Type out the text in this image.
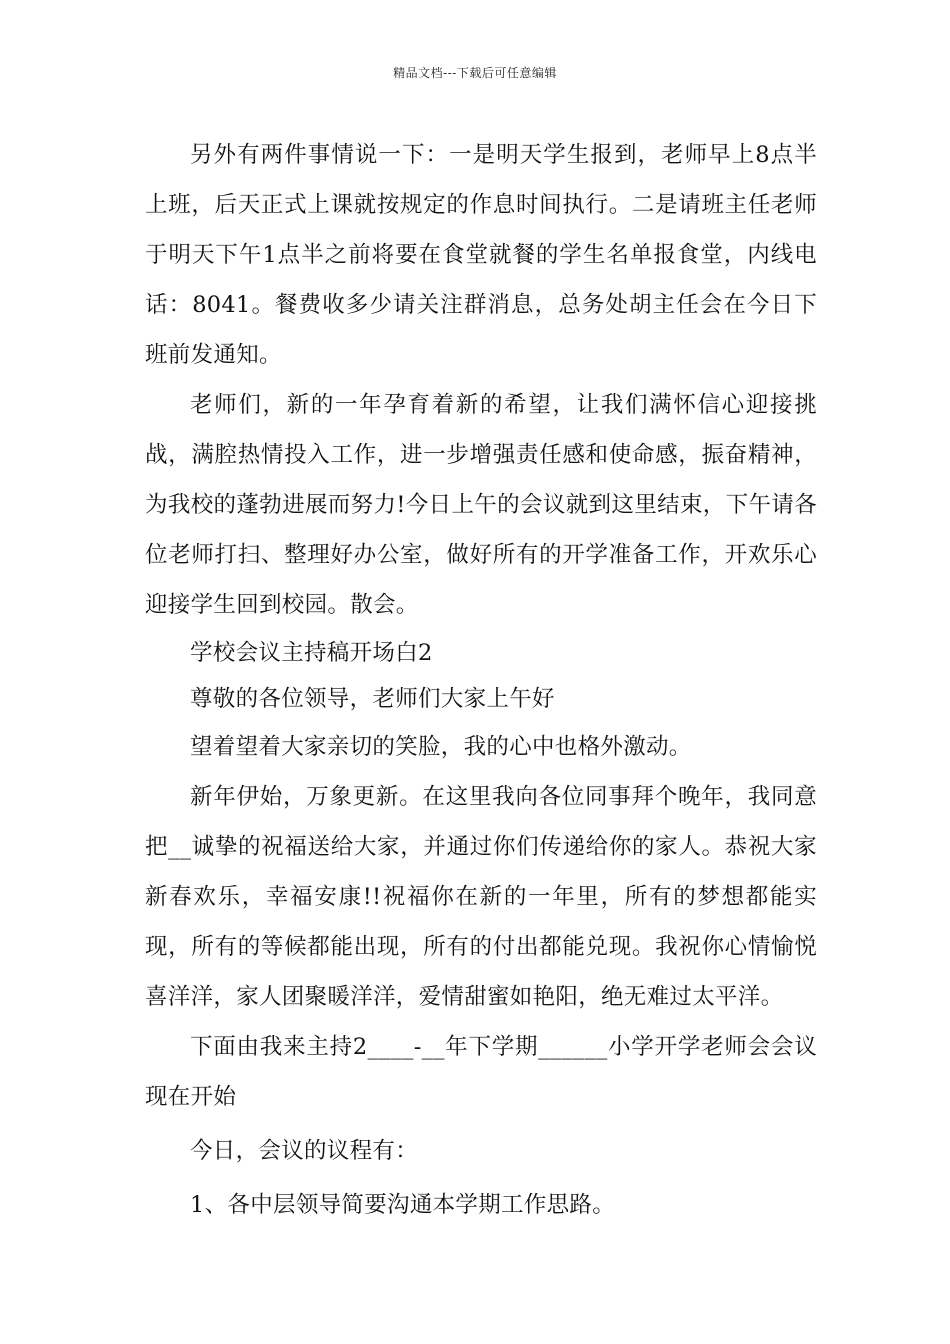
精品文档---下载后可任意编辑

另外有两件事情说一下：一是明天学生报到，老师早上8点半上班，后天正式上课就按规定的作息时间执行。二是请班主任老师于明天下午1点半之前将要在食堂就餐的学生名单报食堂，内线电话：8041。餐费收多少请关注群消息，总务处胡主任会在今日下班前发通知。

老师们，新的一年孕育着新的希望，让我们满怀信心迎接挑战，满腔热情投入工作，进一步增强责任感和使命感，振奋精神，为我校的蓬勃进展而努力!今日上午的会议就到这里结束，下午请各位老师打扫、整理好办公室，做好所有的开学准备工作，开欢乐心迎接学生回到校园。散会。

学校会议主持稿开场白2

尊敬的各位领导，老师们大家上午好

望着望着大家亲切的笑脸，我的心中也格外激动。

新年伊始，万象更新。在这里我向各位同事拜个晚年，我同意把__诚挚的祝福送给大家，并通过你们传递给你的家人。恭祝大家新春欢乐，幸福安康!!祝福你在新的一年里，所有的梦想都能实现，所有的等候都能出现，所有的付出都能兑现。我祝你心情愉悦喜洋洋，家人团聚暖洋洋，爱情甜蜜如艳阳，绝无难过太平洋。

下面由我来主持2____-__年下学期______小学开学老师会会议现在开始

今日，会议的议程有：

1、各中层领导简要沟通本学期工作思路。
